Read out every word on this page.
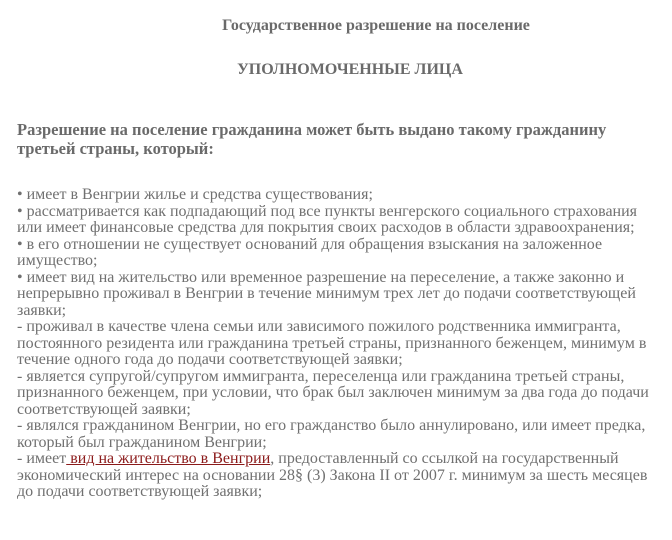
Государственное разрешение на поселение
УПОЛНОМОЧЕННЫЕ ЛИЦА
Разрешение на поселение гражданина может быть выдано такому гражданину третьей страны, который:

• имеет в Венгрии жилье и средства существования;

• рассматривается как подпадающий под все пункты венгерского социального страхования или имеет финансовые средства для покрытия своих расходов в области здравоохранения;

• в его отношении не существует оснований для обращения взыскания на заложенное имущество;

• имеет вид на жительство или временное разрешение на переселение, а также законно и непрерывно проживал в Венгрии в течение минимум трех лет до подачи соответствующей заявки;

- проживал в качестве члена семьи или зависимого пожилого родственника иммигранта, постоянного резидента или гражданина третьей страны, признанного беженцем, минимум в течение одного года до подачи соответствующей заявки;

- является супругой/супругом иммигранта, переселенца или гражданина третьей страны, признанного беженцем, при условии, что брак был заключен минимум за два года до подачи соответствующей заявки;

- являлся гражданином Венгрии, но его гражданство было аннулировано, или имеет предка, который был гражданином Венгрии;

- имеет вид на жительство в Венгрии, предоставленный со ссылкой на государственный экономический интерес на основании 28§ (3) Закона II от 2007 г. минимум за шесть месяцев до подачи соответствующей заявки;
